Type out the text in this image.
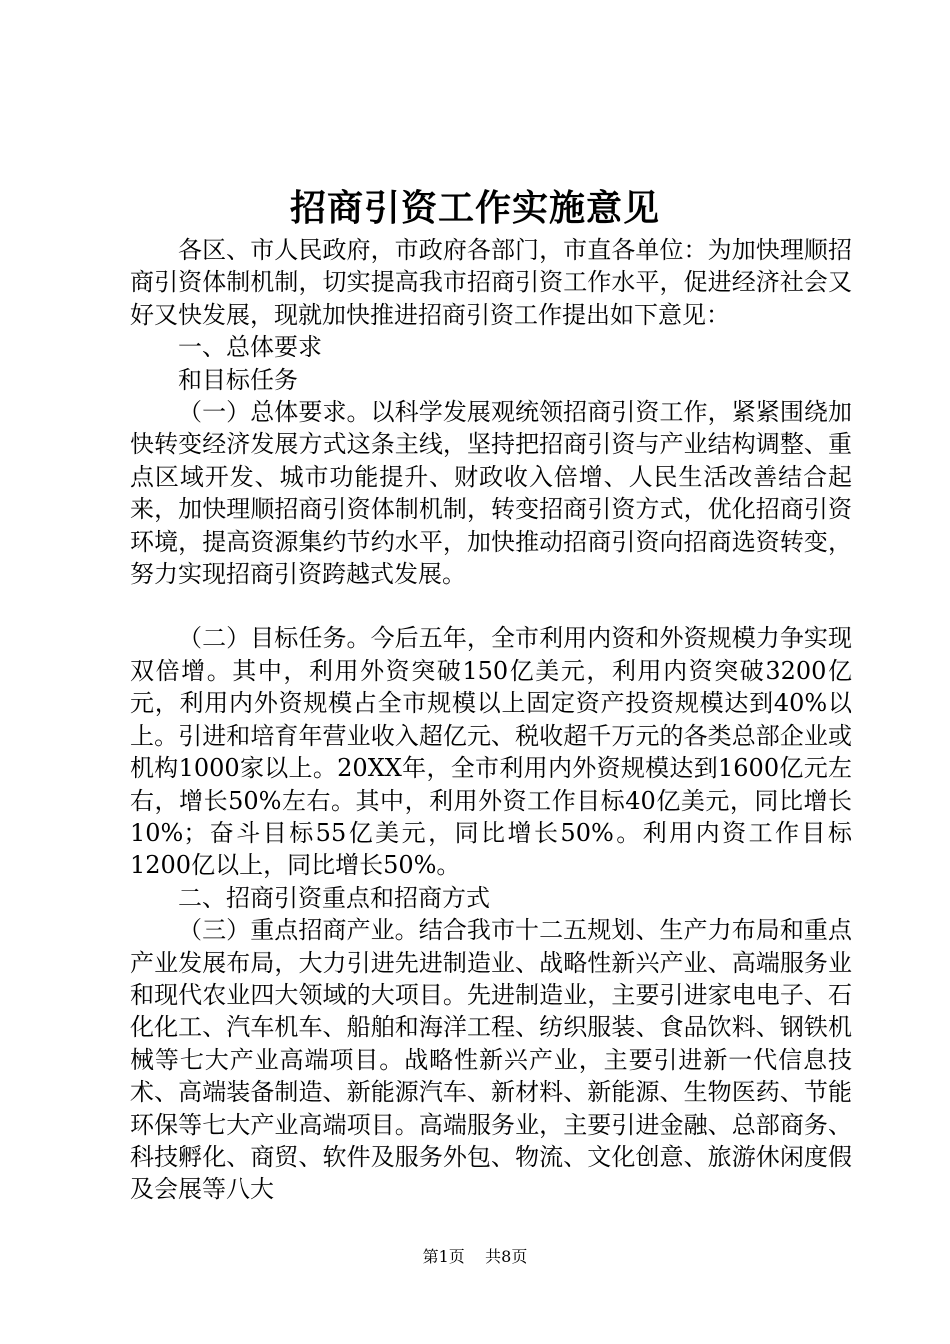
招商引资工作实施意见

各区、市人民政府，市政府各部门，市直各单位：为加快理顺招商引资体制机制，切实提高我市招商引资工作水平，促进经济社会又好又快发展，现就加快推进招商引资工作提出如下意见：

一、总体要求

和目标任务

（一）总体要求。以科学发展观统领招商引资工作，紧紧围绕加快转变经济发展方式这条主线，坚持把招商引资与产业结构调整、重点区域开发、城市功能提升、财政收入倍增、人民生活改善结合起来，加快理顺招商引资体制机制，转变招商引资方式，优化招商引资环境，提高资源集约节约水平，加快推动招商引资向招商选资转变，努力实现招商引资跨越式发展。

（二）目标任务。今后五年，全市利用内资和外资规模力争实现双倍增。其中，利用外资突破150亿美元，利用内资突破3200亿元，利用内外资规模占全市规模以上固定资产投资规模达到40%以上。引进和培育年营业收入超亿元、税收超千万元的各类总部企业或机构1000家以上。20XX年，全市利用内外资规模达到1600亿元左右，增长50%左右。其中，利用外资工作目标40亿美元，同比增长10%；奋斗目标55亿美元，同比增长50%。利用内资工作目标1200亿以上，同比增长50%。

二、招商引资重点和招商方式

（三）重点招商产业。结合我市十二五规划、生产力布局和重点产业发展布局，大力引进先进制造业、战略性新兴产业、高端服务业和现代农业四大领域的大项目。先进制造业，主要引进家电电子、石化化工、汽车机车、船舶和海洋工程、纺织服装、食品饮料、钢铁机械等七大产业高端项目。战略性新兴产业，主要引进新一代信息技术、高端装备制造、新能源汽车、新材料、新能源、生物医药、节能环保等七大产业高端项目。高端服务业，主要引进金融、总部商务、科技孵化、商贸、软件及服务外包、物流、文化创意、旅游休闲度假及会展等八大

第1页 共8页
